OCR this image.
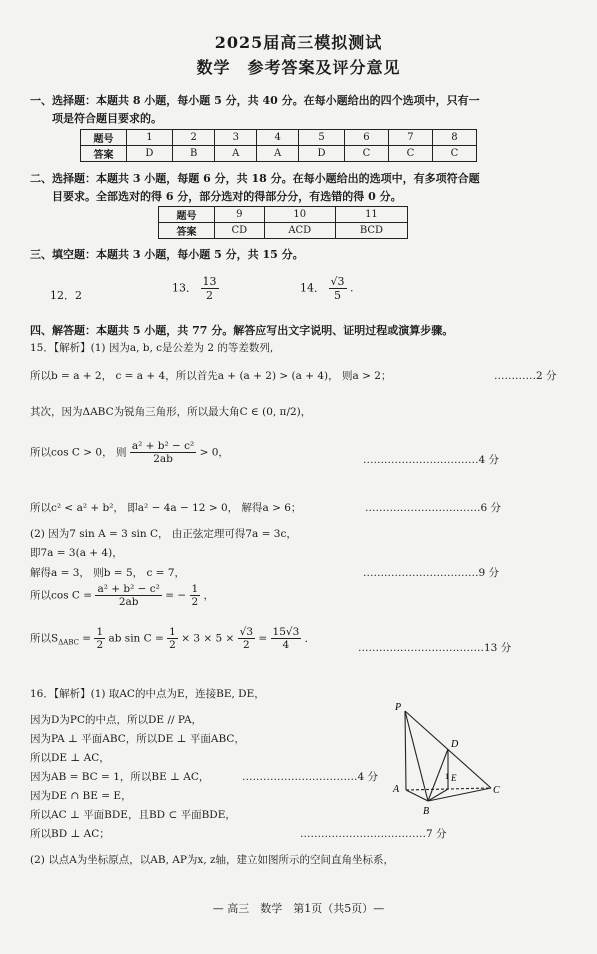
2025届高三模拟测试
数学　参考答案及评分意见
一、选择题：本题共 8 小题，每小题 5 分，共 40 分。在每小题给出的四个选项中，只有一
项是符合题目要求的。
题号	1	2	3	4	5	6	7	8
答案	D	B	A	A	D	C	C	C
二、选择题：本题共 3 小题，每题 6 分，共 18 分。在每小题给出的选项中，有多项符合题
目要求。全部选对的得 6 分，部分选对的得部分分，有选错的得 0 分。
题号	9	10	11
答案	CD	ACD	BCD
三、填空题：本题共 3 小题，每小题 5 分，共 15 分。
12．2
13． $\frac{13}{2}$	14． $\frac{√3}{5}$ .
四、解答题：本题共 5 小题，共 77 分。解答应写出文字说明、证明过程或演算步骤。
15．【解析】(1) 因为a, b, c是公差为 2 的等差数列,
所以b = a + 2， c = a + 4，所以首先a + (a + 2) > (a + 4)， 则a > 2；	…………2 分
其次，因为ΔABC为锐角三角形，所以最大角C ∈ (0, π/2)，
所以cos C > 0， 则 $\frac{\text{a² + b² − c²}}{2ab} > 0$，
……………………………4 分
所以c² < a² + b²， 即a² − 4a − 12 > 0， 解得a > 6；	……………………………6 分
(2) 因为7 sin A = 3 sin C， 由正弦定理可得7a = 3c，
即7a = 3(a + 4)，
解得a = 3， 则b = 5， c = 7，	……………………………9 分
所以$\cos C = \frac{\text{a² + b² − c²}}{2ab}$ = − $\frac{1}{2}$ ，
所以$S_{\Delta ABC} = \frac{1}{2}$ ab $\sin C = \frac{1}{2} \times 3 \times 5 \times \frac{√3}{2} = \frac{15√3}{4}$ ．
………………………………13 分
16．【解析】(1) 取AC的中点为E，连接BE, DE，
因为D为PC的中点，所以DE // PA，
因为PA ⊥ 平面ABC，所以DE ⊥ 平面ABC，
所以DE ⊥ AC，
因为AB = BC = 1，所以BE ⊥ AC，	……………………………4 分
因为DE ∩ BE = E，
所以AC ⊥ 平面BDE，且BD ⊂ 平面BDE，
所以BD ⊥ AC；	………………………………7 分
(2) 以点A为坐标原点，以AB, AP为x, z轴，建立如图所示的空间直角坐标系，
P
D
E
1
A
B
C
— 高三　数学　第1页（共5页）—
